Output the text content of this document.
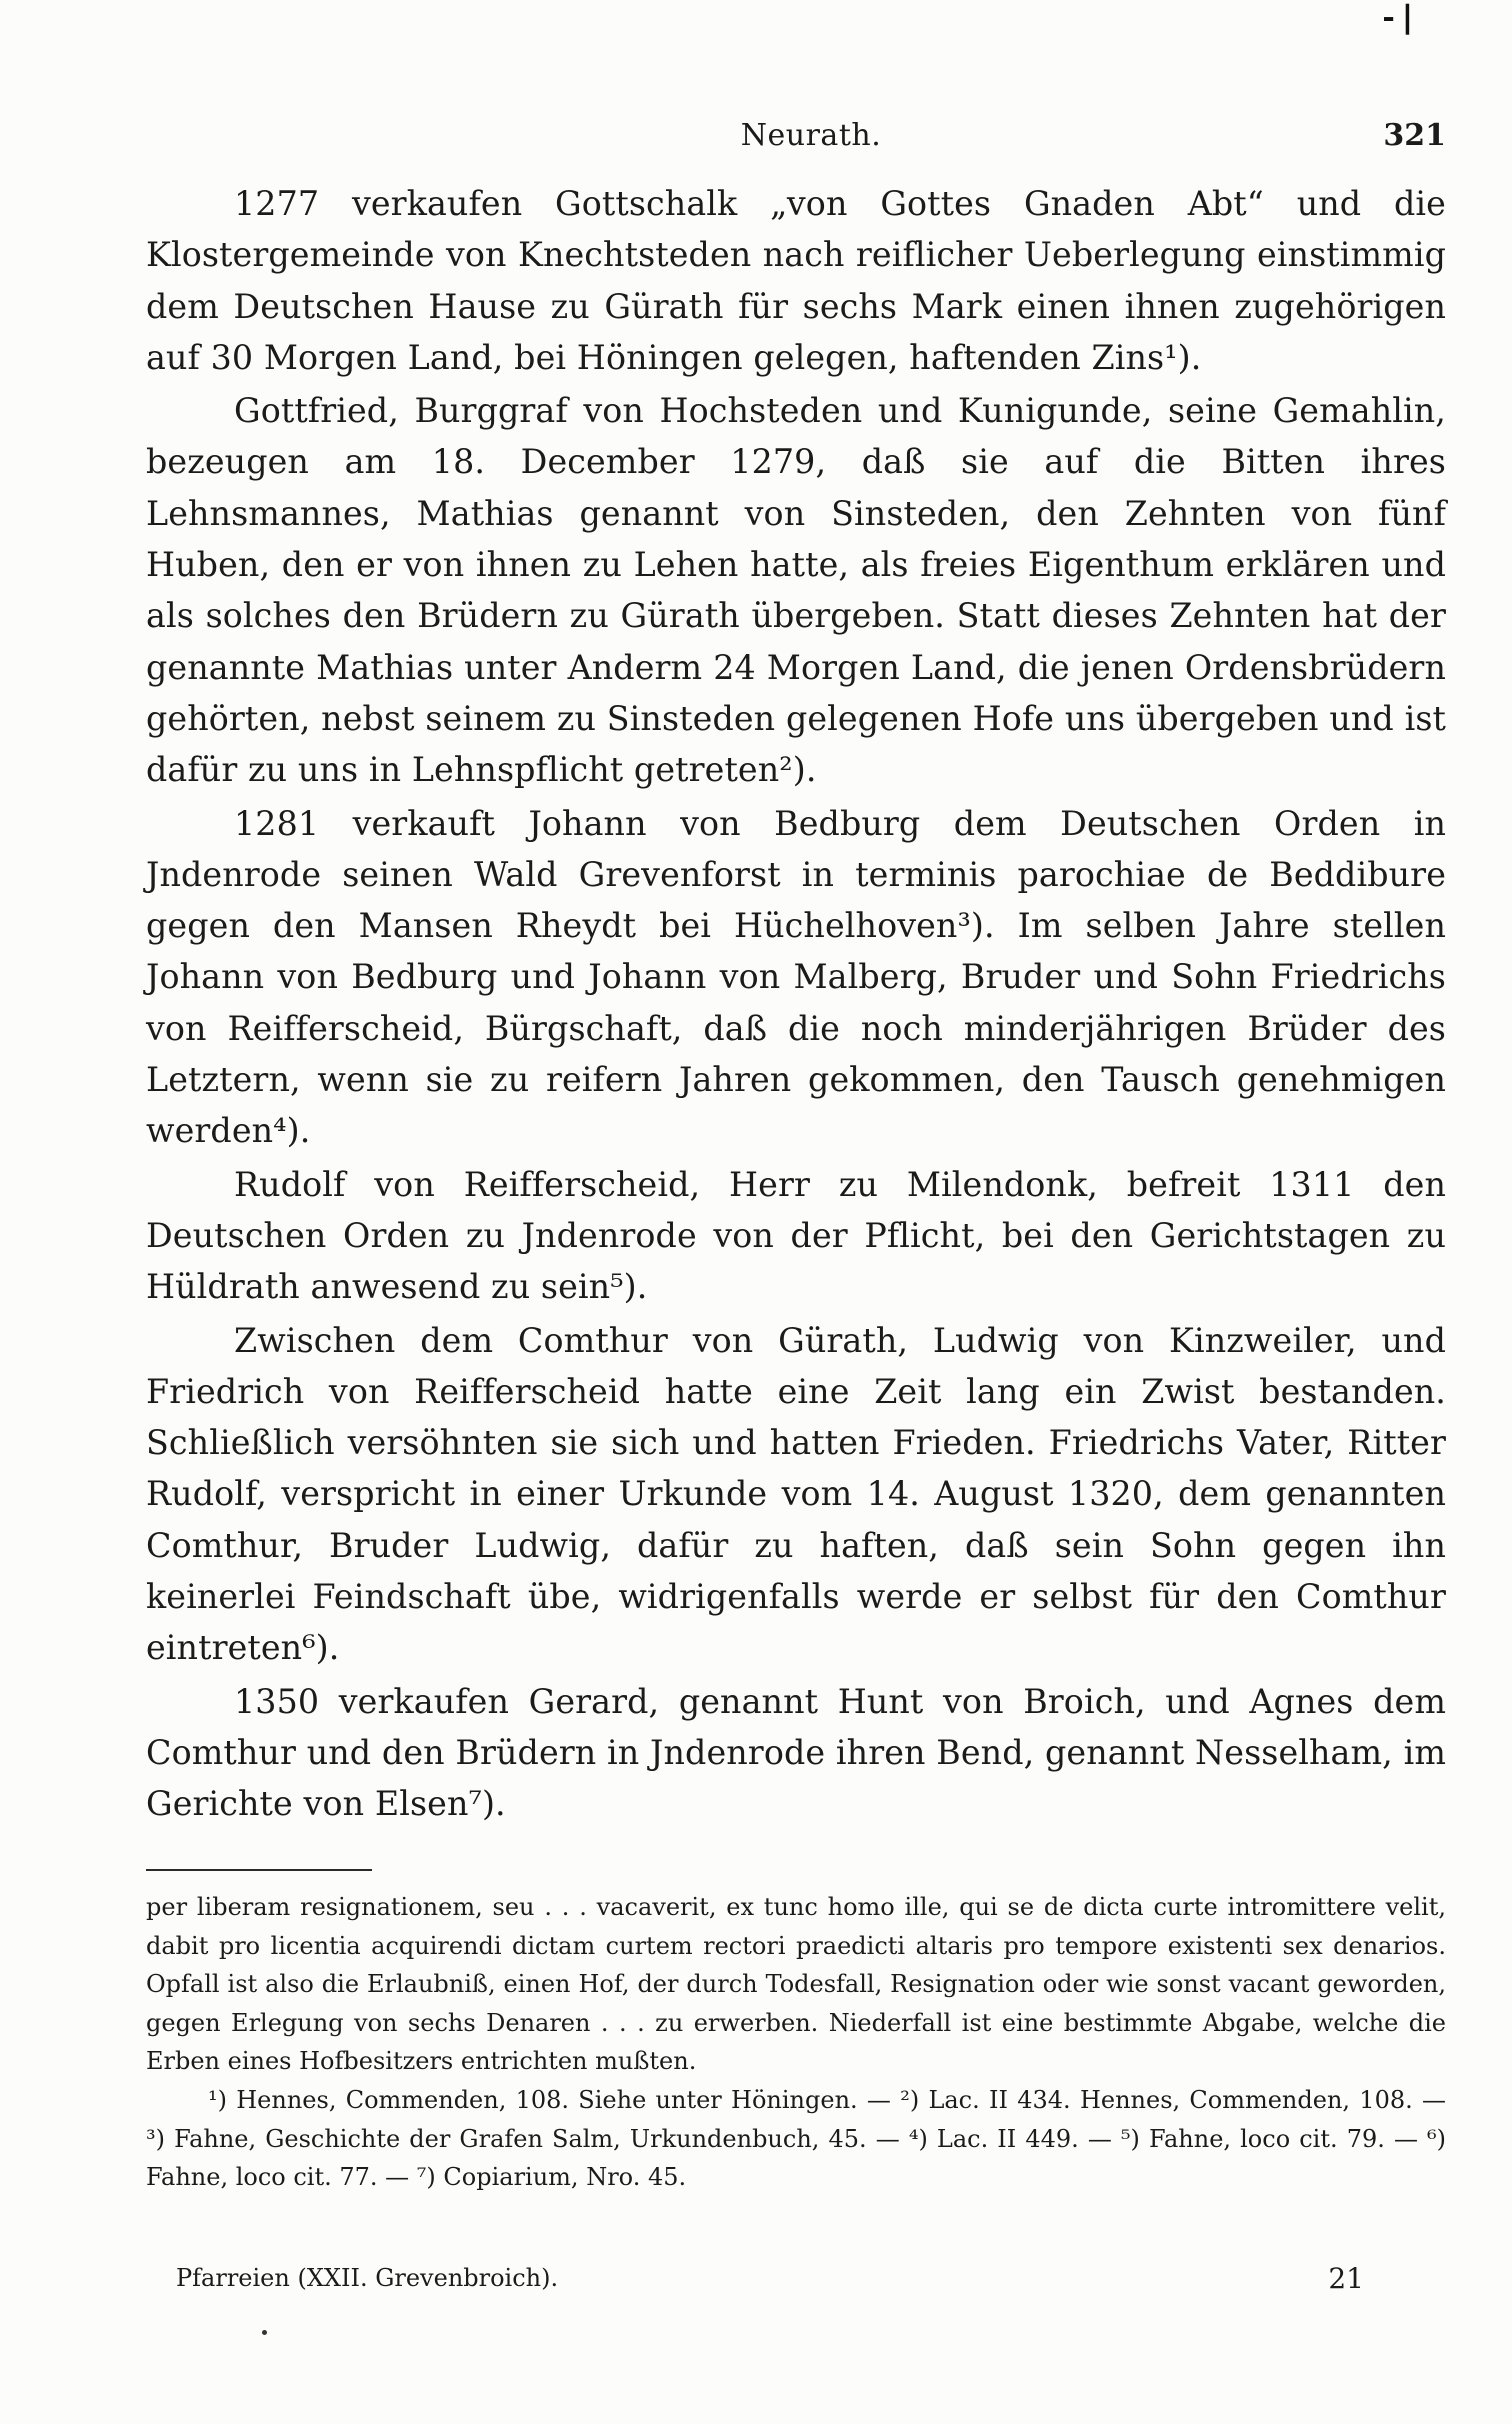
-❘
Neurath.	321

1277 verkaufen Gottschalk „von Gottes Gnaden Abt“ und die Klostergemeinde von Knechtsteden nach reiflicher Ueberlegung einstimmig dem Deutschen Hause zu Gürath für sechs Mark einen ihnen zugehörigen auf 30 Morgen Land, bei Höningen gelegen, haftenden Zins¹).

Gottfried, Burggraf von Hochsteden und Kunigunde, seine Gemahlin, bezeugen am 18. December 1279, daß sie auf die Bitten ihres Lehnsmannes, Mathias genannt von Sinsteden, den Zehnten von fünf Huben, den er von ihnen zu Lehen hatte, als freies Eigenthum erklären und als solches den Brüdern zu Gürath übergeben. Statt dieses Zehnten hat der genannte Mathias unter Anderm 24 Morgen Land, die jenen Ordensbrüdern gehörten, nebst seinem zu Sinsteden gelegenen Hofe uns übergeben und ist dafür zu uns in Lehnspflicht getreten²).

1281 verkauft Johann von Bedburg dem Deutschen Orden in Jndenrode seinen Wald Grevenforst in terminis parochiae de Beddibure gegen den Mansen Rheydt bei Hüchelhoven³). Im selben Jahre stellen Johann von Bedburg und Johann von Malberg, Bruder und Sohn Friedrichs von Reifferscheid, Bürgschaft, daß die noch minderjährigen Brüder des Letztern, wenn sie zu reifern Jahren gekommen, den Tausch genehmigen werden⁴).

Rudolf von Reifferscheid, Herr zu Milendonk, befreit 1311 den Deutschen Orden zu Jndenrode von der Pflicht, bei den Gerichtstagen zu Hüldrath anwesend zu sein⁵).

Zwischen dem Comthur von Gürath, Ludwig von Kinzweiler, und Friedrich von Reifferscheid hatte eine Zeit lang ein Zwist bestanden. Schließlich versöhnten sie sich und hatten Frieden. Friedrichs Vater, Ritter Rudolf, verspricht in einer Urkunde vom 14. August 1320, dem genannten Comthur, Bruder Ludwig, dafür zu haften, daß sein Sohn gegen ihn keinerlei Feindschaft übe, widrigenfalls werde er selbst für den Comthur eintreten⁶).

1350 verkaufen Gerard, genannt Hunt von Broich, und Agnes dem Comthur und den Brüdern in Jndenrode ihren Bend, genannt Nesselham, im Gerichte von Elsen⁷).

per liberam resignationem, seu . . . vacaverit, ex tunc homo ille, qui se de dicta curte intromittere velit, dabit pro licentia acquirendi dictam curtem rectori praedicti altaris pro tempore existenti sex denarios. Opfall ist also die Erlaubniß, einen Hof, der durch Todesfall, Resignation oder wie sonst vacant geworden, gegen Erlegung von sechs Denaren . . . zu erwerben. Niederfall ist eine bestimmte Abgabe, welche die Erben eines Hofbesitzers entrichten mußten.

¹) Hennes, Commenden, 108. Siehe unter Höningen. — ²) Lac. II 434. Hennes, Commenden, 108. — ³) Fahne, Geschichte der Grafen Salm, Urkundenbuch, 45. — ⁴) Lac. II 449. — ⁵) Fahne, loco cit. 79. — ⁶) Fahne, loco cit. 77. — ⁷) Copiarium, Nro. 45.

Pfarreien (XXII. Grevenbroich).	21
